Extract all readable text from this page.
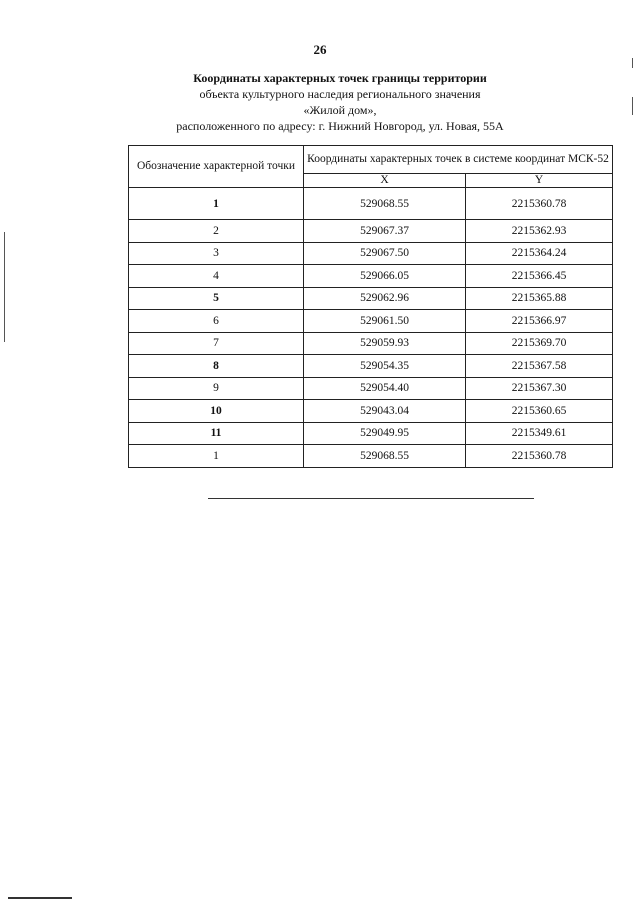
26
Координаты характерных точек границы территории
объекта культурного наследия регионального значения
«Жилой дом»,
расположенного по адресу: г. Нижний Новгород, ул. Новая, 55А
Обозначение характерной точки	Координаты характерных точек в системе координат МСК-52	
	X	Y
1	529068.55	2215360.78
2	529067.37	2215362.93
3	529067.50	2215364.24
4	529066.05	2215366.45
5	529062.96	2215365.88
6	529061.50	2215366.97
7	529059.93	2215369.70
8	529054.35	2215367.58
9	529054.40	2215367.30
10	529043.04	2215360.65
11	529049.95	2215349.61
1	529068.55	2215360.78
